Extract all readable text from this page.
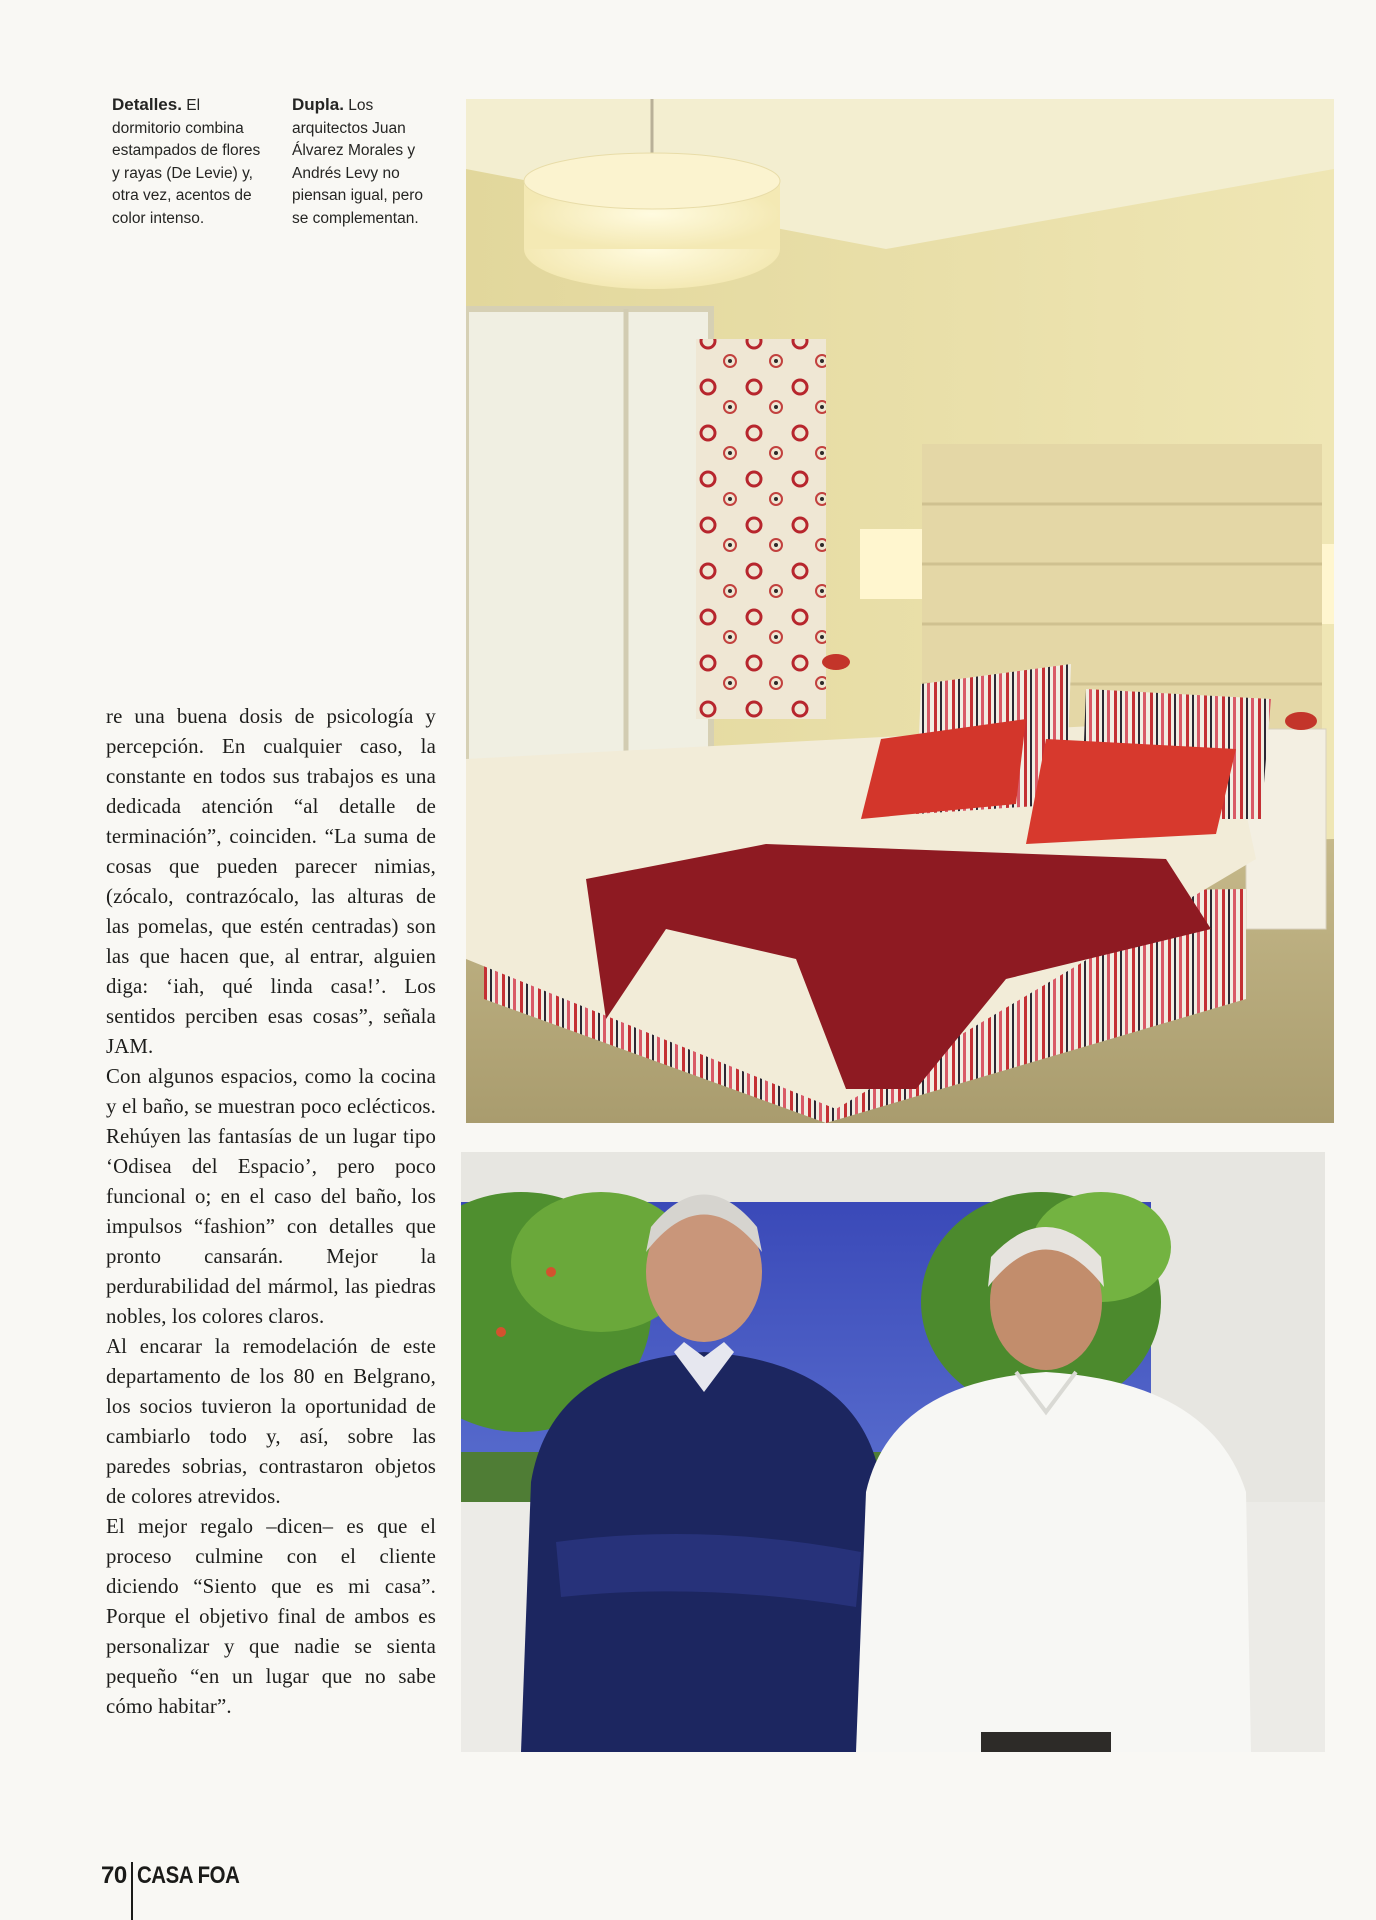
Detalles. El dormitorio combina estampados de flores y rayas (De Levie) y, otra vez, acentos de color intenso.
Dupla. Los arquitectos Juan Álvarez Morales y Andrés Levy no piensan igual, pero se complementan.

re una buena dosis de psicología y percepción. En cualquier caso, la constante en todos sus trabajos es una dedicada atención “al detalle de terminación”, coinciden. “La suma de cosas que pueden parecer nimias, (zócalo, contrazócalo, las alturas de las pomelas, que estén centradas) son las que hacen que, al entrar, alguien diga: ‘iah, qué linda casa!’. Los sentidos perciben esas cosas”, señala JAM.

Con algunos espacios, como la cocina y el baño, se muestran poco eclécticos. Rehúyen las fantasías de un lugar tipo ‘Odisea del Espacio’, pero poco funcional o; en el caso del baño, los impulsos “fashion” con detalles que pronto cansarán. Mejor la perdurabilidad del mármol, las piedras nobles, los colores claros.

Al encarar la remodelación de este departamento de los 80 en Belgrano, los socios tuvieron la oportunidad de cambiarlo todo y, así, sobre las paredes sobrias, contrastaron objetos de colores atrevidos.

El mejor regalo –dicen– es que el proceso culmine con el cliente diciendo “Siento que es mi casa”. Porque el objetivo final de ambos es personalizar y que nadie se sienta pequeño “en un lugar que no sabe cómo habitar”.

70 CASA FOA
